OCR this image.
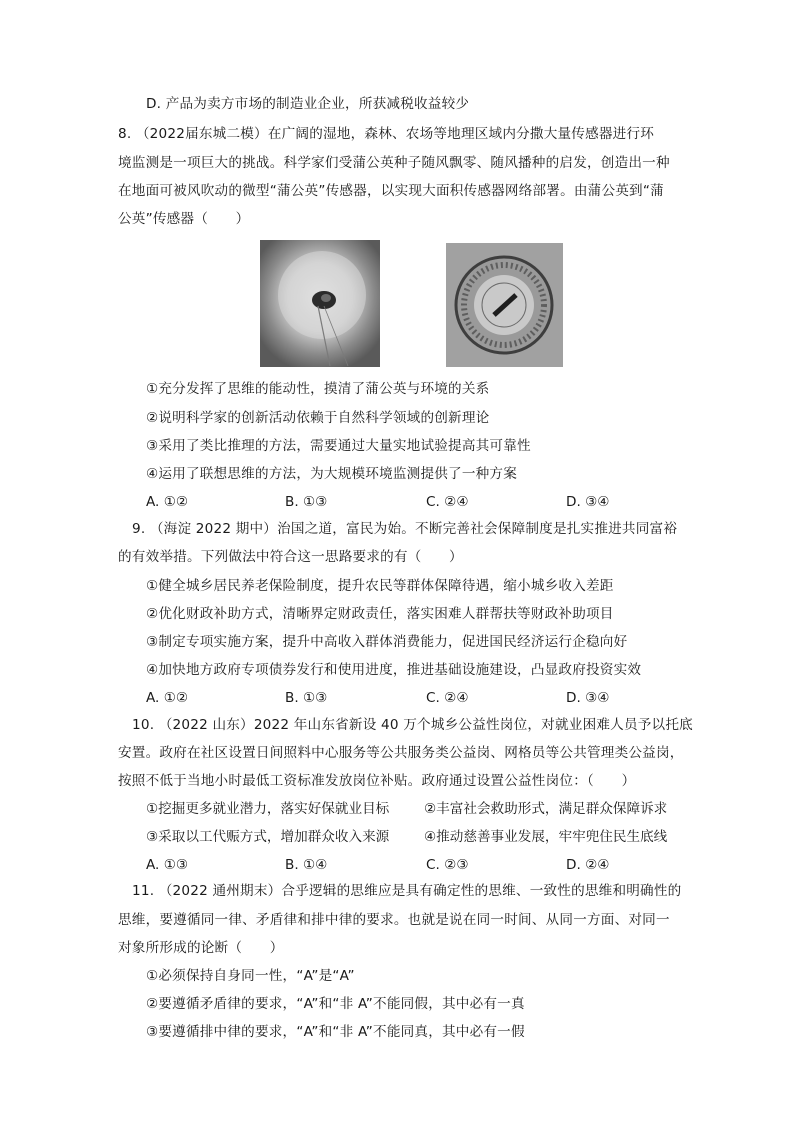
D. 产品为卖方市场的制造业企业，所获减税收益较少
8. （2022届东城二模）在广阔的湿地，森林、农场等地理区域内分撒大量传感器进行环
境监测是一项巨大的挑战。科学家们受蒲公英种子随风飘零、随风播种的启发，创造出一种
在地面可被风吹动的微型“蒲公英”传感器，以实现大面积传感器网络部署。由蒲公英到“蒲
公英”传感器（　　）
①充分发挥了思维的能动性，摸清了蒲公英与环境的关系
②说明科学家的创新活动依赖于自然科学领域的创新理论
③采用了类比推理的方法，需要通过大量实地试验提高其可靠性
④运用了联想思维的方法，为大规模环境监测提供了一种方案
A. ①②	B. ①③	C. ②④	D. ③④
9. （海淀 2022 期中）治国之道，富民为始。不断完善社会保障制度是扎实推进共同富裕
的有效举措。下列做法中符合这一思路要求的有（　　）
①健全城乡居民养老保险制度，提升农民等群体保障待遇，缩小城乡收入差距
②优化财政补助方式，清晰界定财政责任，落实困难人群帮扶等财政补助项目
③制定专项实施方案，提升中高收入群体消费能力，促进国民经济运行企稳向好
④加快地方政府专项债券发行和使用进度，推进基础设施建设，凸显政府投资实效
A. ①②	B. ①③	C. ②④	D. ③④
10. （2022 山东）2022 年山东省新设 40 万个城乡公益性岗位，对就业困难人员予以托底
安置。政府在社区设置日间照料中心服务等公共服务类公益岗、网格员等公共管理类公益岗，
按照不低于当地小时最低工资标准发放岗位补贴。政府通过设置公益性岗位：（　　）
①挖掘更多就业潜力，落实好保就业目标	②丰富社会救助形式，满足群众保障诉求
③采取以工代赈方式，增加群众收入来源	④推动慈善事业发展，牢牢兜住民生底线
A. ①③	B. ①④	C. ②③	D. ②④
11. （2022 通州期末）合乎逻辑的思维应是具有确定性的思维、一致性的思维和明确性的
思维，要遵循同一律、矛盾律和排中律的要求。也就是说在同一时间、从同一方面、对同一
对象所形成的论断（　　）
①必须保持自身同一性，“A”是“A”
②要遵循矛盾律的要求，“A”和“非 A”不能同假，其中必有一真
③要遵循排中律的要求，“A”和“非 A”不能同真，其中必有一假
